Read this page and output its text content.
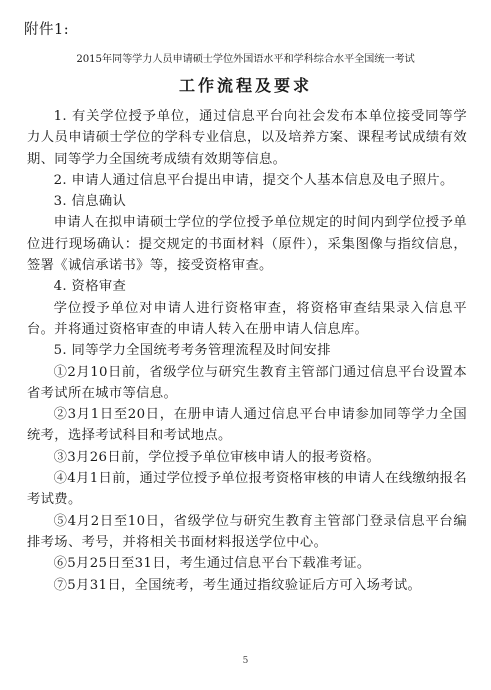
附件1:
2015年同等学力人员申请硕士学位外国语水平和学科综合水平全国统一考试
工作流程及要求

1. 有关学位授予单位，通过信息平台向社会发布本单位接受同等学力人员申请硕士学位的学科专业信息，以及培养方案、课程考试成绩有效期、同等学力全国统考成绩有效期等信息。

2. 申请人通过信息平台提出申请，提交个人基本信息及电子照片。

3. 信息确认

申请人在拟申请硕士学位的学位授予单位规定的时间内到学位授予单位进行现场确认：提交规定的书面材料（原件），采集图像与指纹信息，签署《诚信承诺书》等，接受资格审查。

4. 资格审查

学位授予单位对申请人进行资格审查，将资格审查结果录入信息平台。并将通过资格审查的申请人转入在册申请人信息库。

5. 同等学力全国统考考务管理流程及时间安排

①2月10日前，省级学位与研究生教育主管部门通过信息平台设置本省考试所在城市等信息。

②3月1日至20日，在册申请人通过信息平台申请参加同等学力全国统考，选择考试科目和考试地点。

③3月26日前，学位授予单位审核申请人的报考资格。

④4月1日前，通过学位授予单位报考资格审核的申请人在线缴纳报名考试费。

⑤4月2日至10日，省级学位与研究生教育主管部门登录信息平台编排考场、考号，并将相关书面材料报送学位中心。

⑥5月25日至31日，考生通过信息平台下载准考证。

⑦5月31日，全国统考，考生通过指纹验证后方可入场考试。

5
